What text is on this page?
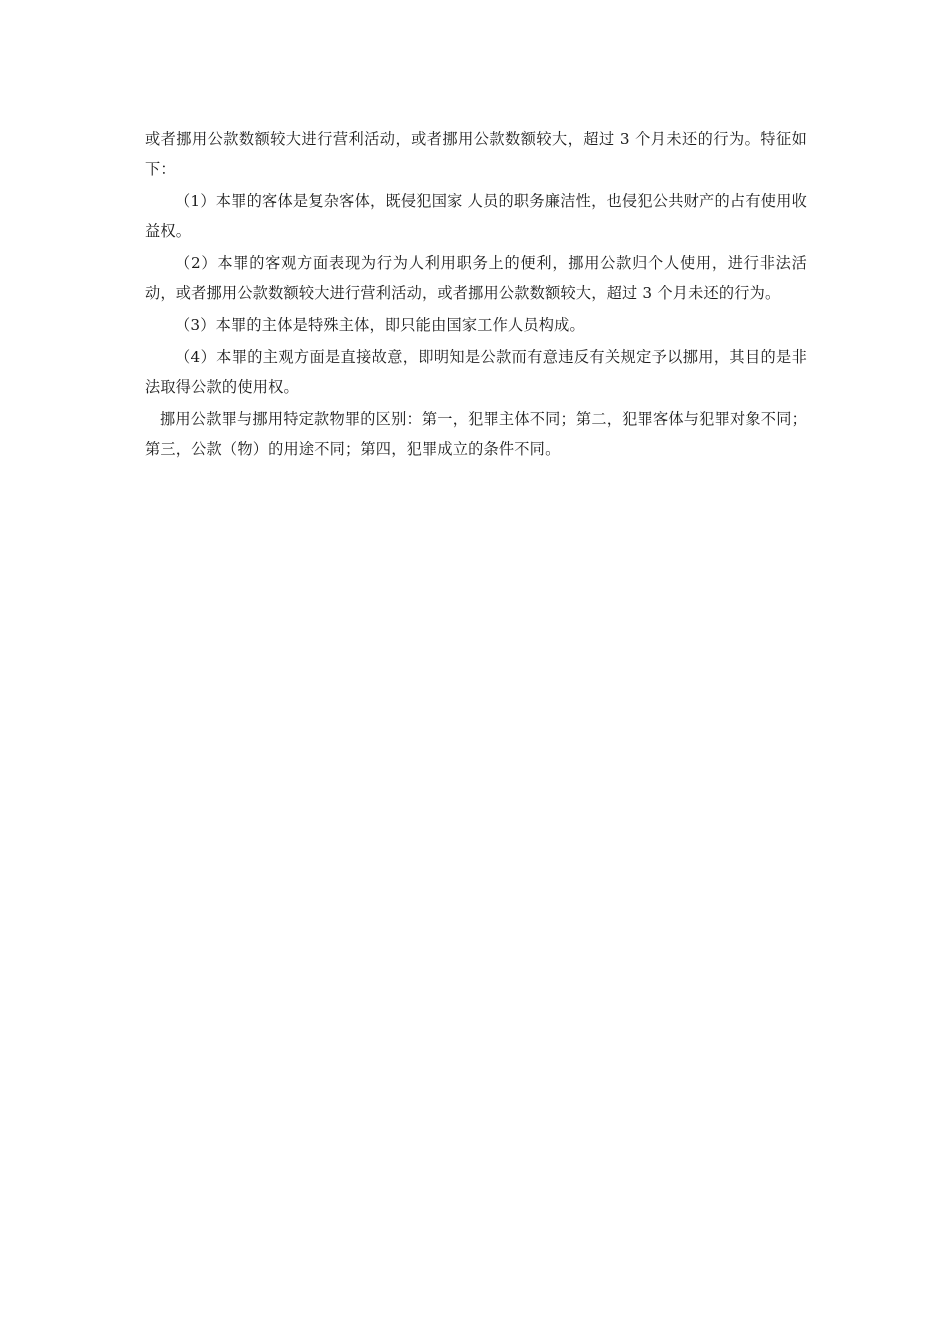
或者挪用公款数额较大进行营利活动，或者挪用公款数额较大，超过 3 个月未还的行为。特征如下：

（1）本罪的客体是复杂客体，既侵犯国家 人员的职务廉洁性，也侵犯公共财产的占有使用收益权。

（2）本罪的客观方面表现为行为人利用职务上的便利，挪用公款归个人使用，进行非法活动，或者挪用公款数额较大进行营利活动，或者挪用公款数额较大，超过 3 个月未还的行为。

（3）本罪的主体是特殊主体，即只能由国家工作人员构成。

（4）本罪的主观方面是直接故意，即明知是公款而有意违反有关规定予以挪用，其目的是非法取得公款的使用权。

挪用公款罪与挪用特定款物罪的区别：第一，犯罪主体不同；第二，犯罪客体与犯罪对象不同；第三，公款（物）的用途不同；第四，犯罪成立的条件不同。
